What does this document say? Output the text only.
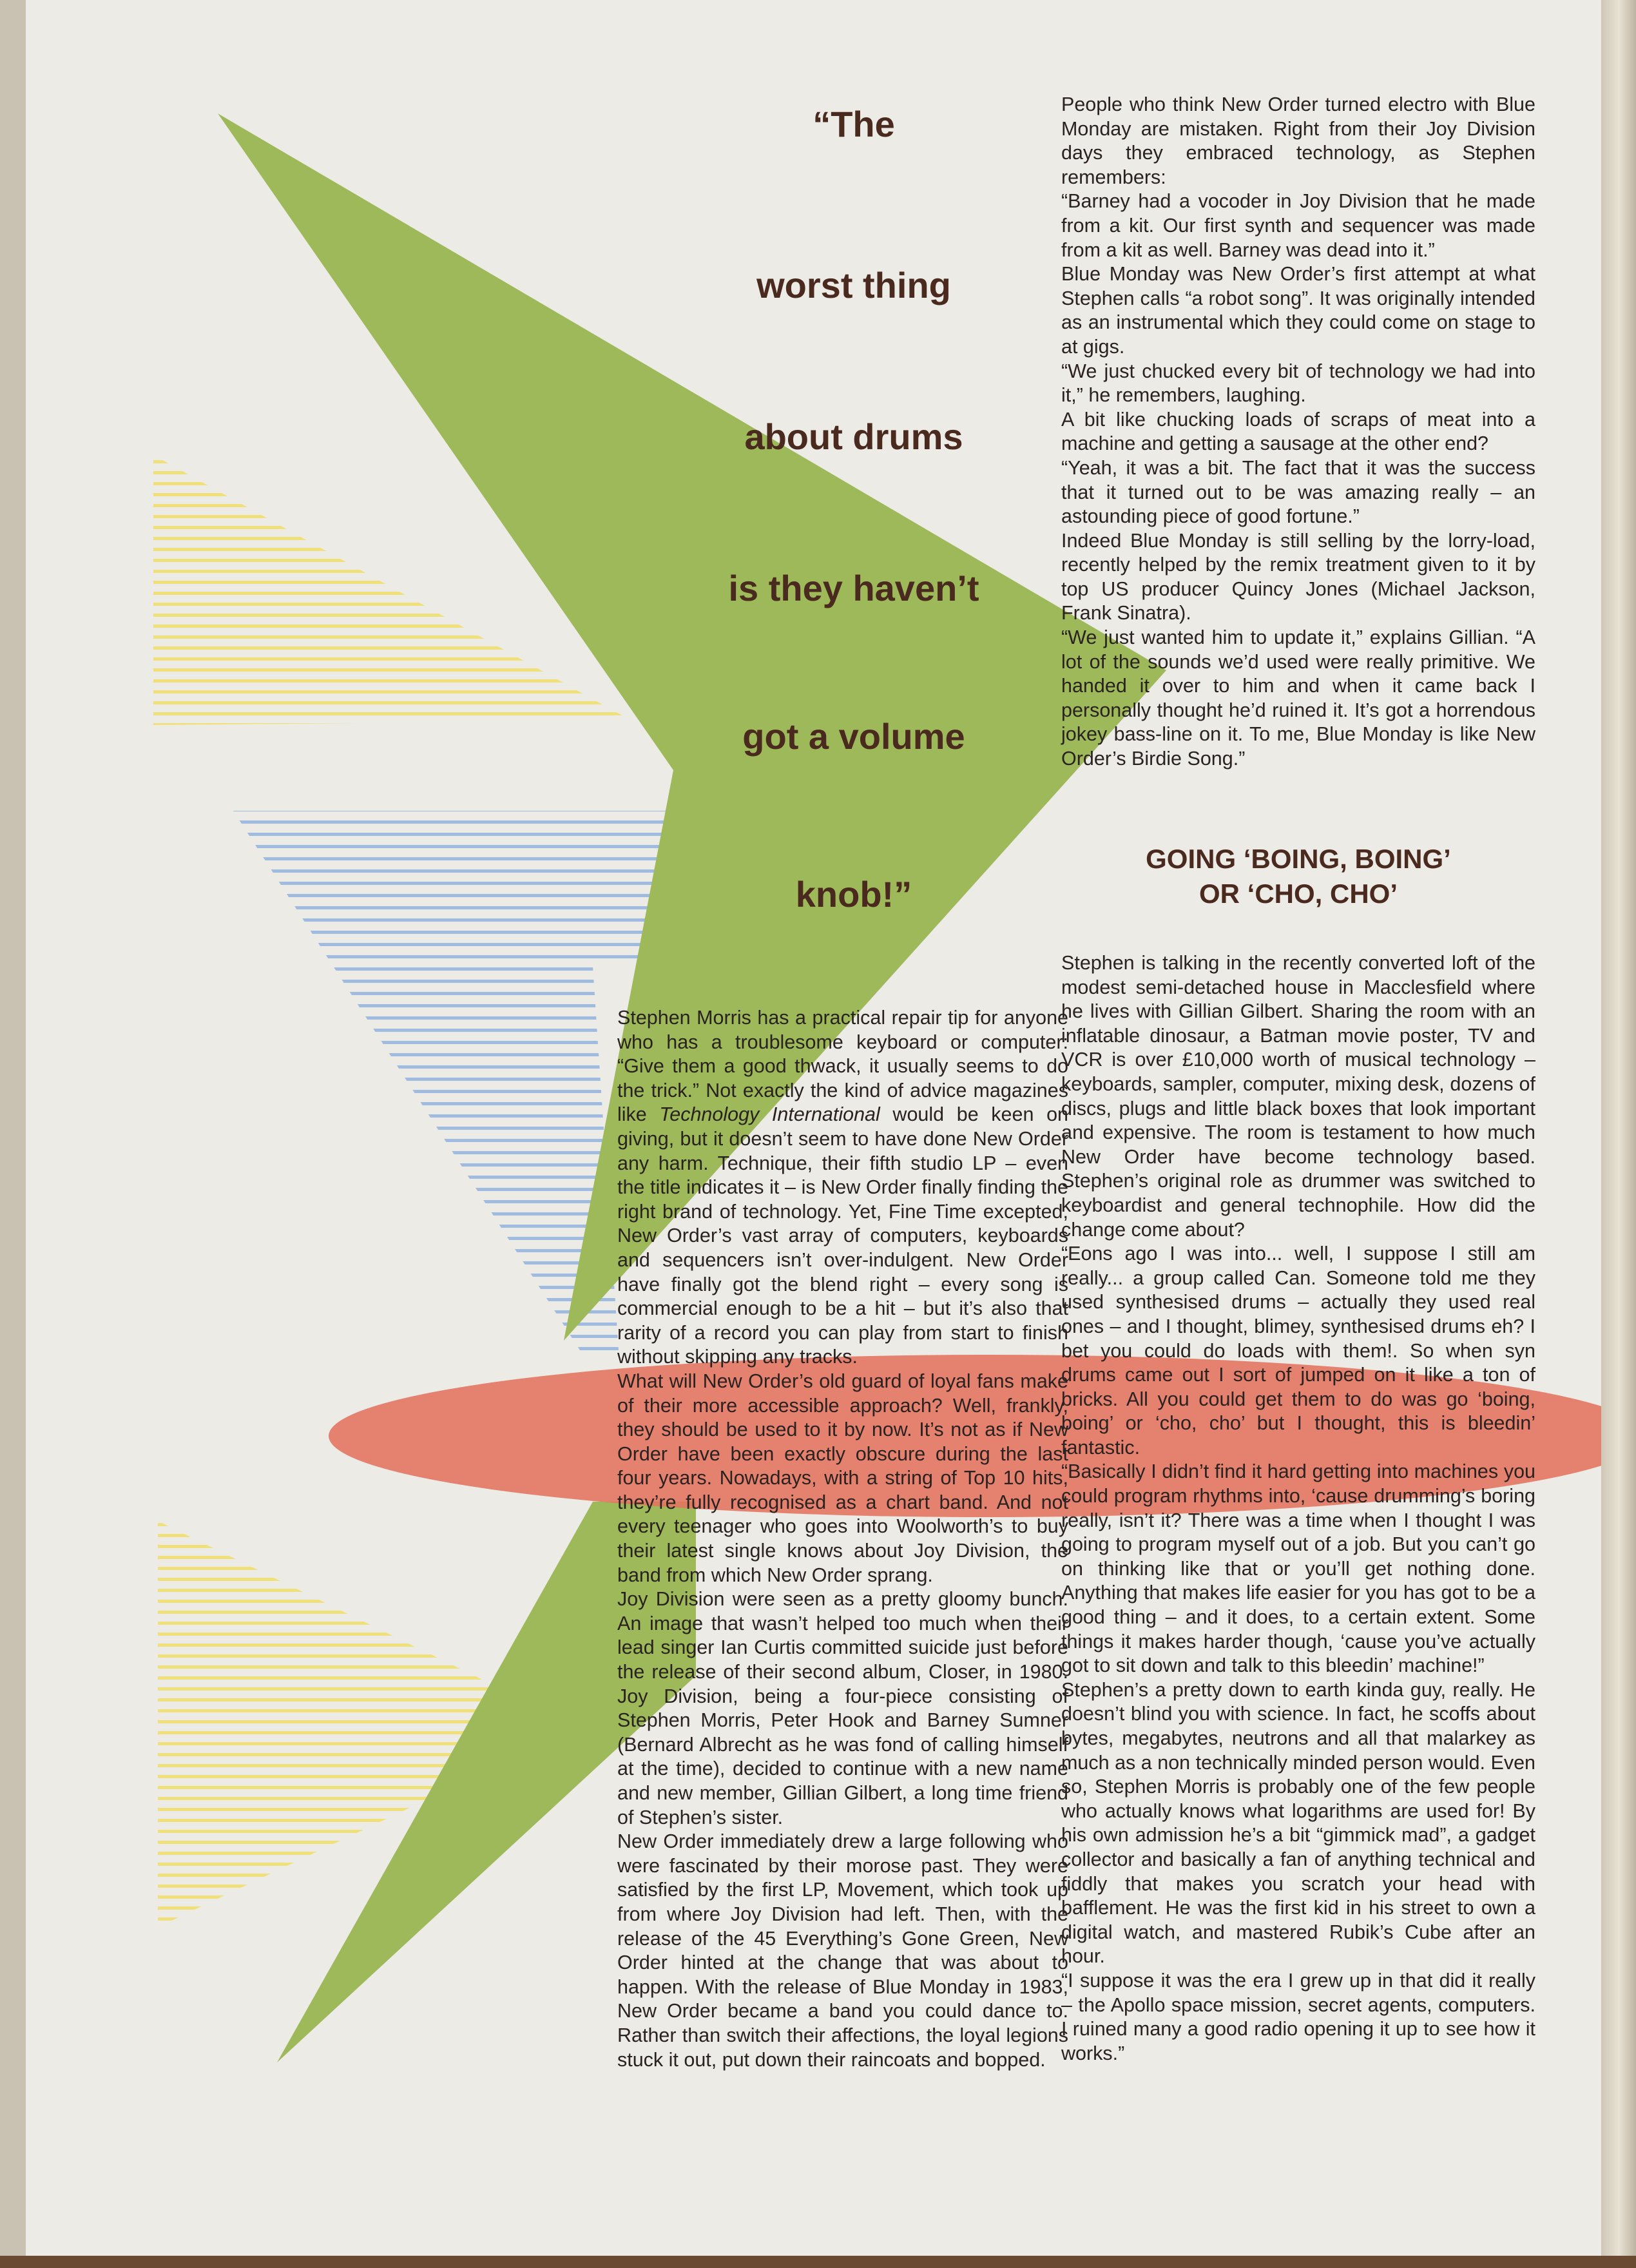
“The

worst thing

about drums

is they haven’t

got a volume

knob!”

People who think New Order turned electro with Blue Monday are mistaken. Right from their Joy Division days they embraced technology, as Stephen remembers:

“Barney had a vocoder in Joy Division that he made from a kit. Our first synth and sequencer was made from a kit as well. Barney was dead into it.”

Blue Monday was New Order’s first attempt at what Stephen calls “a robot song”. It was originally intended as an instrumental which they could come on stage to at gigs.

“We just chucked every bit of technology we had into it,” he remembers, laughing.

A bit like chucking loads of scraps of meat into a machine and getting a sausage at the other end?

“Yeah, it was a bit. The fact that it was the success that it turned out to be was amazing really – an astounding piece of good fortune.”

Indeed Blue Monday is still selling by the lorry-load, recently helped by the remix treatment given to it by top US producer Quincy Jones (Michael Jackson, Frank Sinatra).

“We just wanted him to update it,” explains Gillian. “A lot of the sounds we’d used were really primitive. We handed it over to him and when it came back I personally thought he’d ruined it. It’s got a horrendous jokey bass-line on it. To me, Blue Monday is like New Order’s Birdie Song.”

GOING ‘BOING, BOING’
OR ‘CHO, CHO’

Stephen is talking in the recently converted loft of the modest semi-detached house in Macclesfield where he lives with Gillian Gilbert. Sharing the room with an inflatable dinosaur, a Batman movie poster, TV and VCR is over £10,000 worth of musical technology – keyboards, sampler, computer, mixing desk, dozens of discs, plugs and little black boxes that look important and expensive. The room is testament to how much New Order have become technology based. Stephen’s original role as drummer was switched to keyboardist and general technophile. How did the change come about?

“Eons ago I was into... well, I suppose I still am really... a group called Can. Someone told me they used synthesised drums – actually they used real ones – and I thought, blimey, synthesised drums eh? I bet you could do loads with them!. So when syn drums came out I sort of jumped on it like a ton of bricks. All you could get them to do was go ‘boing, boing’ or ‘cho, cho’ but I thought, this is bleedin’ fantastic.

“Basically I didn’t find it hard getting into machines you could program rhythms into, ‘cause drumming’s boring really, isn’t it? There was a time when I thought I was going to program myself out of a job. But you can’t go on thinking like that or you’ll get nothing done. Anything that makes life easier for you has got to be a good thing – and it does, to a certain extent. Some things it makes harder though, ‘cause you’ve actually got to sit down and talk to this bleedin’ machine!”

Stephen’s a pretty down to earth kinda guy, really. He doesn’t blind you with science. In fact, he scoffs about bytes, megabytes, neutrons and all that malarkey as much as a non technically minded person would. Even so, Stephen Morris is probably one of the few people who actually knows what logarithms are used for! By his own admission he’s a bit “gimmick mad”, a gadget collector and basically a fan of anything technical and fiddly that makes you scratch your head with bafflement. He was the first kid in his street to own a digital watch, and mastered Rubik’s Cube after an hour.

“I suppose it was the era I grew up in that did it really – the Apollo space mission, secret agents, computers. I ruined many a good radio opening it up to see how it works.”

Stephen Morris has a practical repair tip for anyone who has a troublesome keyboard or computer: “Give them a good thwack, it usually seems to do the trick.” Not exactly the kind of advice magazines like Technology International would be keen on giving, but it doesn’t seem to have done New Order any harm. Technique, their fifth studio LP – even the title indicates it – is New Order finally finding the right brand of technology. Yet, Fine Time excepted, New Order’s vast array of computers, keyboards and sequencers isn’t over-indulgent. New Order have finally got the blend right – every song is commercial enough to be a hit – but it’s also that rarity of a record you can play from start to finish without skipping any tracks.

What will New Order’s old guard of loyal fans make of their more accessible approach? Well, frankly, they should be used to it by now. It’s not as if New Order have been exactly obscure during the last four years. Nowadays, with a string of Top 10 hits, they’re fully recognised as a chart band. And not every teenager who goes into Woolworth’s to buy their latest single knows about Joy Division, the band from which New Order sprang.

Joy Division were seen as a pretty gloomy bunch. An image that wasn’t helped too much when their lead singer Ian Curtis committed suicide just before the release of their second album, Closer, in 1980. Joy Division, being a four-piece consisting of Stephen Morris, Peter Hook and Barney Sumner (Bernard Albrecht as he was fond of calling himself at the time), decided to continue with a new name and new member, Gillian Gilbert, a long time friend of Stephen’s sister.

New Order immediately drew a large following who were fascinated by their morose past. They were satisfied by the first LP, Movement, which took up from where Joy Division had left. Then, with the release of the 45 Everything’s Gone Green, New Order hinted at the change that was about to happen. With the release of Blue Monday in 1983, New Order became a band you could dance to. Rather than switch their affections, the loyal legions stuck it out, put down their raincoats and bopped.
